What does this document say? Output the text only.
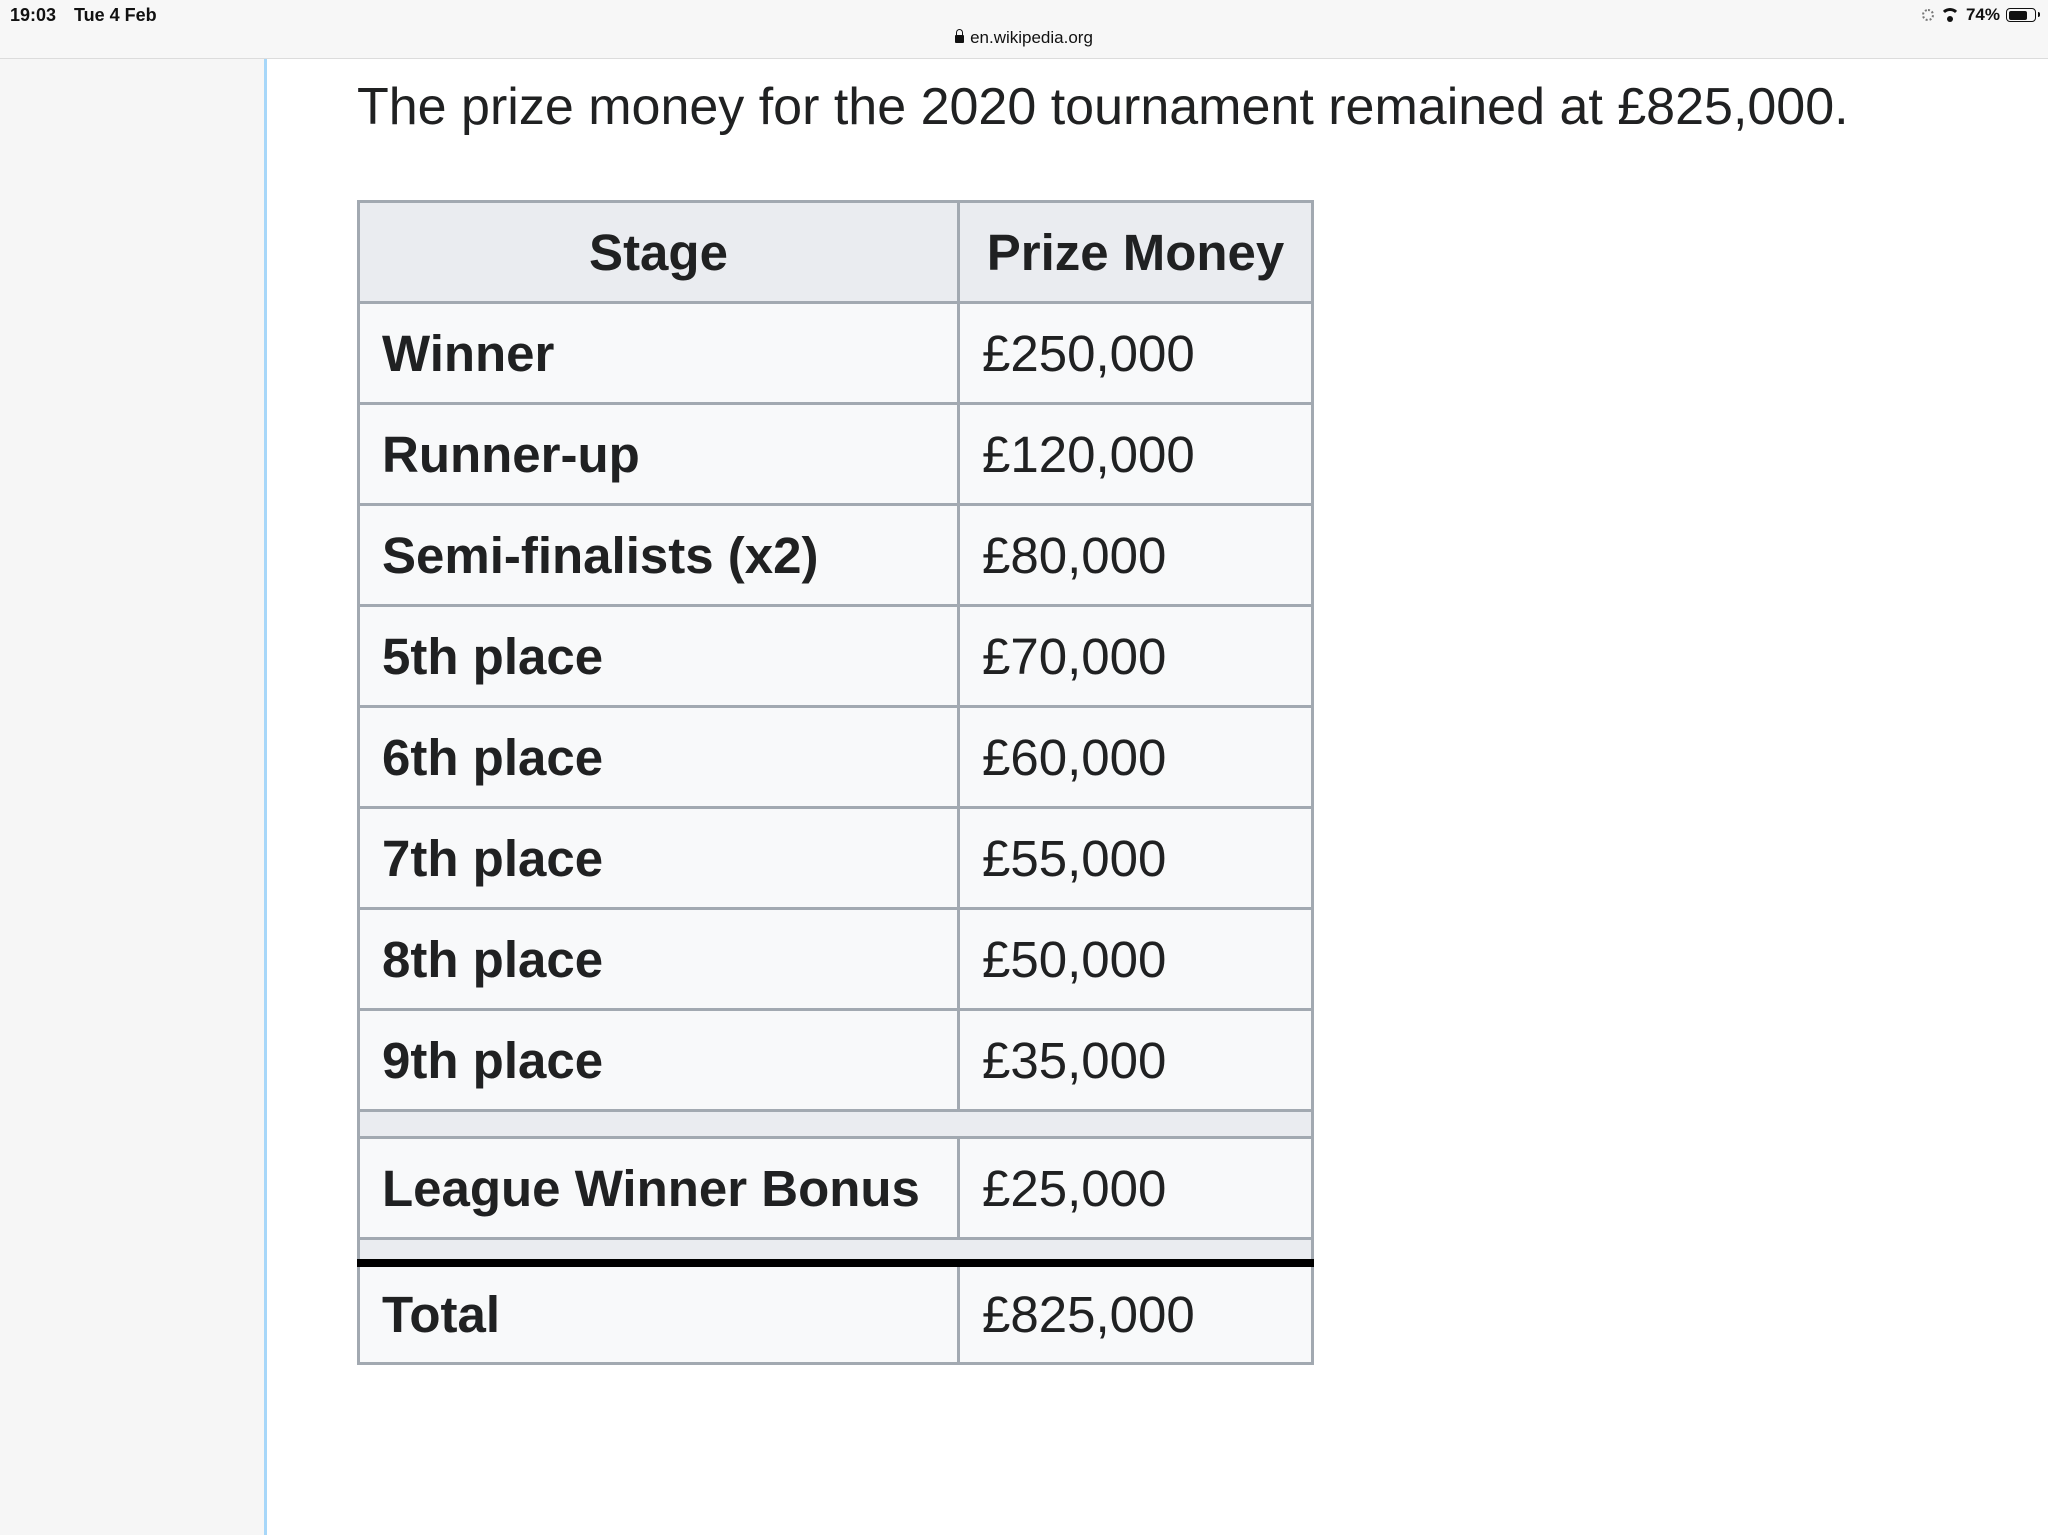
19:03 Tue 4 Feb
en.wikipedia.org
74%

The prize money for the 2020 tournament remained at £825,000.

Stage	Prize Money
Winner	£250,000
Runner-up	£120,000
Semi-finalists (x2)	£80,000
5th place	£70,000
6th place	£60,000
7th place	£55,000
8th place	£50,000
9th place	£35,000

League Winner Bonus	£25,000

Total	£825,000
